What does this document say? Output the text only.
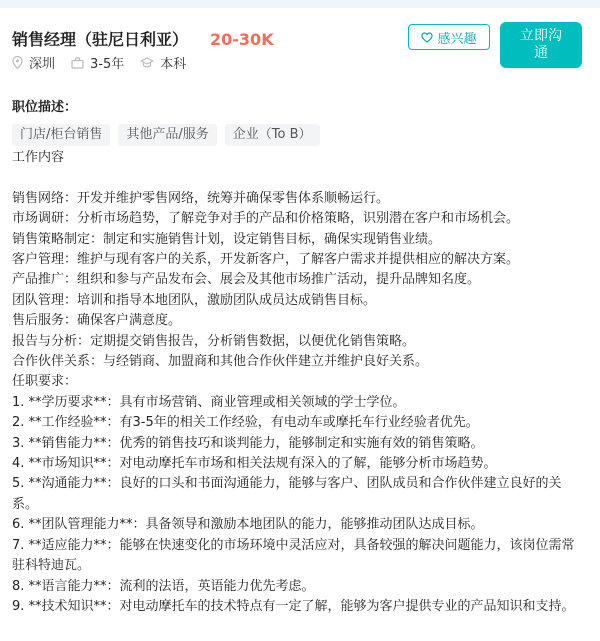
销售经理（驻尼日利亚） 20-30K
深圳	3-5年	本科
感兴趣	立即沟通
职位描述：
门店/柜台销售	其他产品/服务	企业（To B）
工作内容
销售网络：开发并维护零售网络，统筹并确保零售体系顺畅运行。
市场调研：分析市场趋势，了解竞争对手的产品和价格策略，识别潜在客户和市场机会。
销售策略制定：制定和实施销售计划，设定销售目标，确保实现销售业绩。
客户管理：维护与现有客户的关系，开发新客户，了解客户需求并提供相应的解决方案。
产品推广：组织和参与产品发布会、展会及其他市场推广活动，提升品牌知名度。
团队管理：培训和指导本地团队，激励团队成员达成销售目标。
售后服务：确保客户满意度。
报告与分析：定期提交销售报告，分析销售数据，以便优化销售策略。
合作伙伴关系：与经销商、加盟商和其他合作伙伴建立并维护良好关系。
任职要求：
1. **学历要求**：具有市场营销、商业管理或相关领域的学士学位。
2. **工作经验**：有3-5年的相关工作经验，有电动车或摩托车行业经验者优先。
3. **销售能力**：优秀的销售技巧和谈判能力，能够制定和实施有效的销售策略。
4. **市场知识**：对电动摩托车市场和相关法规有深入的了解，能够分析市场趋势。
5. **沟通能力**：良好的口头和书面沟通能力，能够与客户、团队成员和合作伙伴建立良好的关系。
6. **团队管理能力**：具备领导和激励本地团队的能力，能够推动团队达成目标。
7. **适应能力**：能够在快速变化的市场环境中灵活应对，具备较强的解决问题能力，该岗位需常驻科特迪瓦。
8. **语言能力**：流利的法语，英语能力优先考虑。
9. **技术知识**：对电动摩托车的技术特点有一定了解，能够为客户提供专业的产品知识和支持。
